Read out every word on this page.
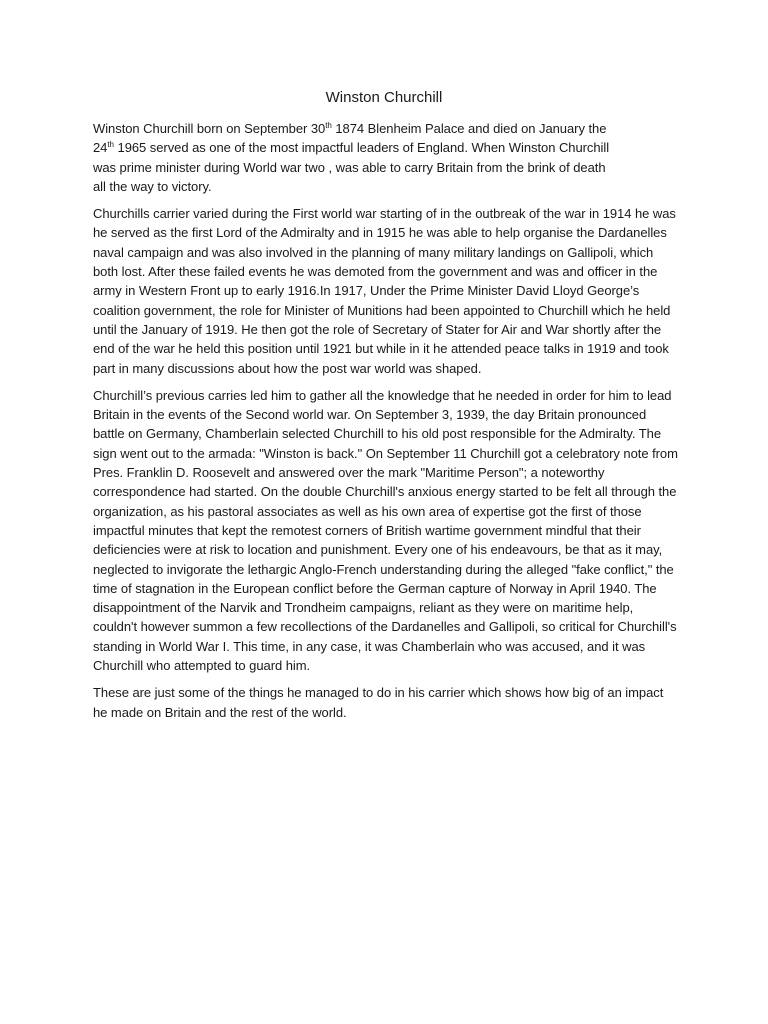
Winston Churchill

Winston Churchill born on September 30th 1874 Blenheim Palace and died on January the
24th 1965 served as one of the most impactful leaders of England. When Winston Churchill
was prime minister during World war two , was able to carry Britain from the brink of death
all the way to victory.

Churchills carrier varied during the First world war starting of in the outbreak of the war in 1914 he was he served as the first Lord of the Admiralty and in 1915 he was able to help organise the Dardanelles naval campaign and was also involved in the planning of many military landings on Gallipoli, which both lost. After these failed events he was demoted from the government and was and officer in the army in Western Front up to early 1916.In 1917, Under the Prime Minister David Lloyd George’s coalition government, the role for Minister of Munitions had been appointed to Churchill which he held until the January of 1919. He then got the role of Secretary of Stater for Air and War shortly after the end of the war he held this position until 1921 but while in it he attended peace talks in 1919 and took part in many discussions about how the post war world was shaped.

Churchill’s previous carries led him to gather all the knowledge that he needed in order for him to lead Britain in the events of the Second world war. On September 3, 1939, the day Britain pronounced battle on Germany, Chamberlain selected Churchill to his old post responsible for the Admiralty. The sign went out to the armada: "Winston is back." On September 11 Churchill got a celebratory note from Pres. Franklin D. Roosevelt and answered over the mark "Maritime Person"; a noteworthy correspondence had started. On the double Churchill's anxious energy started to be felt all through the organization, as his pastoral associates as well as his own area of expertise got the first of those impactful minutes that kept the remotest corners of British wartime government mindful that their deficiencies were at risk to location and punishment. Every one of his endeavours, be that as it may, neglected to invigorate the lethargic Anglo-French understanding during the alleged "fake conflict," the time of stagnation in the European conflict before the German capture of Norway in April 1940. The disappointment of the Narvik and Trondheim campaigns, reliant as they were on maritime help, couldn't however summon a few recollections of the Dardanelles and Gallipoli, so critical for Churchill's standing in World War I. This time, in any case, it was Chamberlain who was accused, and it was Churchill who attempted to guard him.

These are just some of the things he managed to do in his carrier which shows how big of an impact he made on Britain and the rest of the world.
